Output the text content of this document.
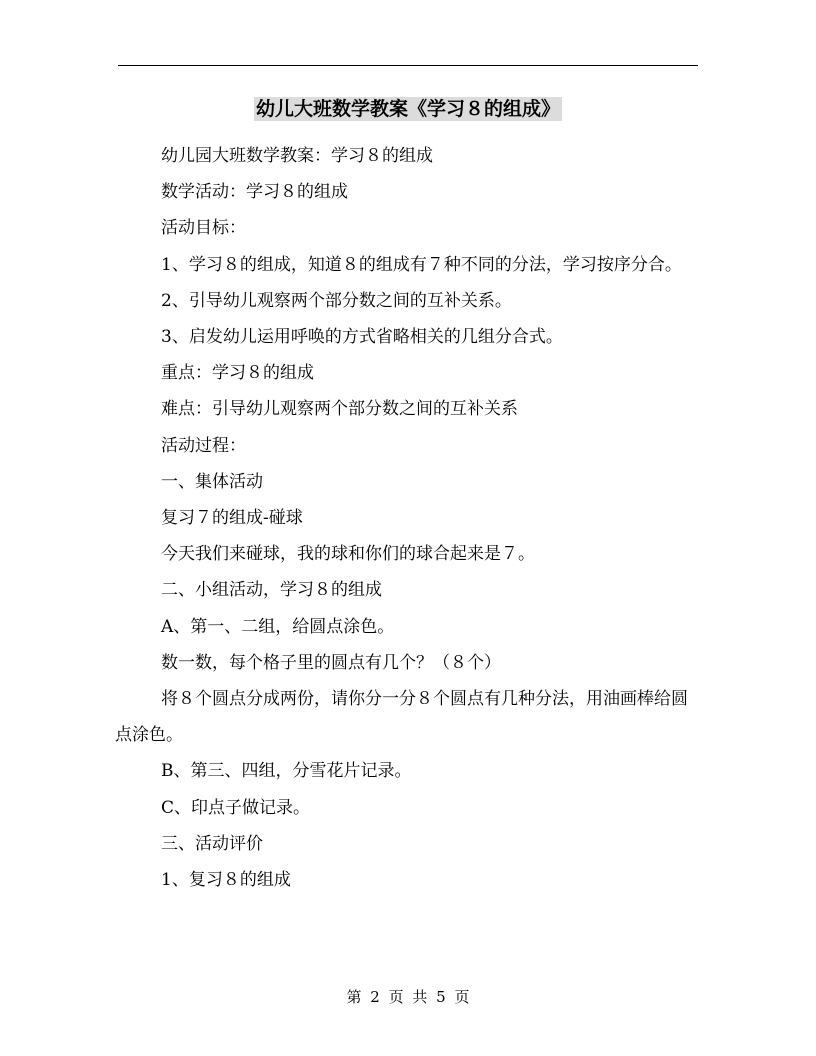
幼儿大班数学教案《学习８的组成》

幼儿园大班数学教案：学习８的组成

数学活动：学习８的组成

活动目标：

1、学习８的组成，知道８的组成有７种不同的分法，学习按序分合。

2、引导幼儿观察两个部分数之间的互补关系。

3、启发幼儿运用呼唤的方式省略相关的几组分合式。

重点：学习８的组成

难点：引导幼儿观察两个部分数之间的互补关系

活动过程：

一、集体活动

复习７的组成-碰球

今天我们来碰球，我的球和你们的球合起来是７。

二、小组活动，学习８的组成

A、第一、二组，给圆点涂色。

数一数，每个格子里的圆点有几个？（８个）

将８个圆点分成两份，请你分一分８个圆点有几种分法，用油画棒给圆点涂色。

B、第三、四组，分雪花片记录。

C、印点子做记录。

三、活动评价

1、复习８的组成

第 2 页 共 5 页
